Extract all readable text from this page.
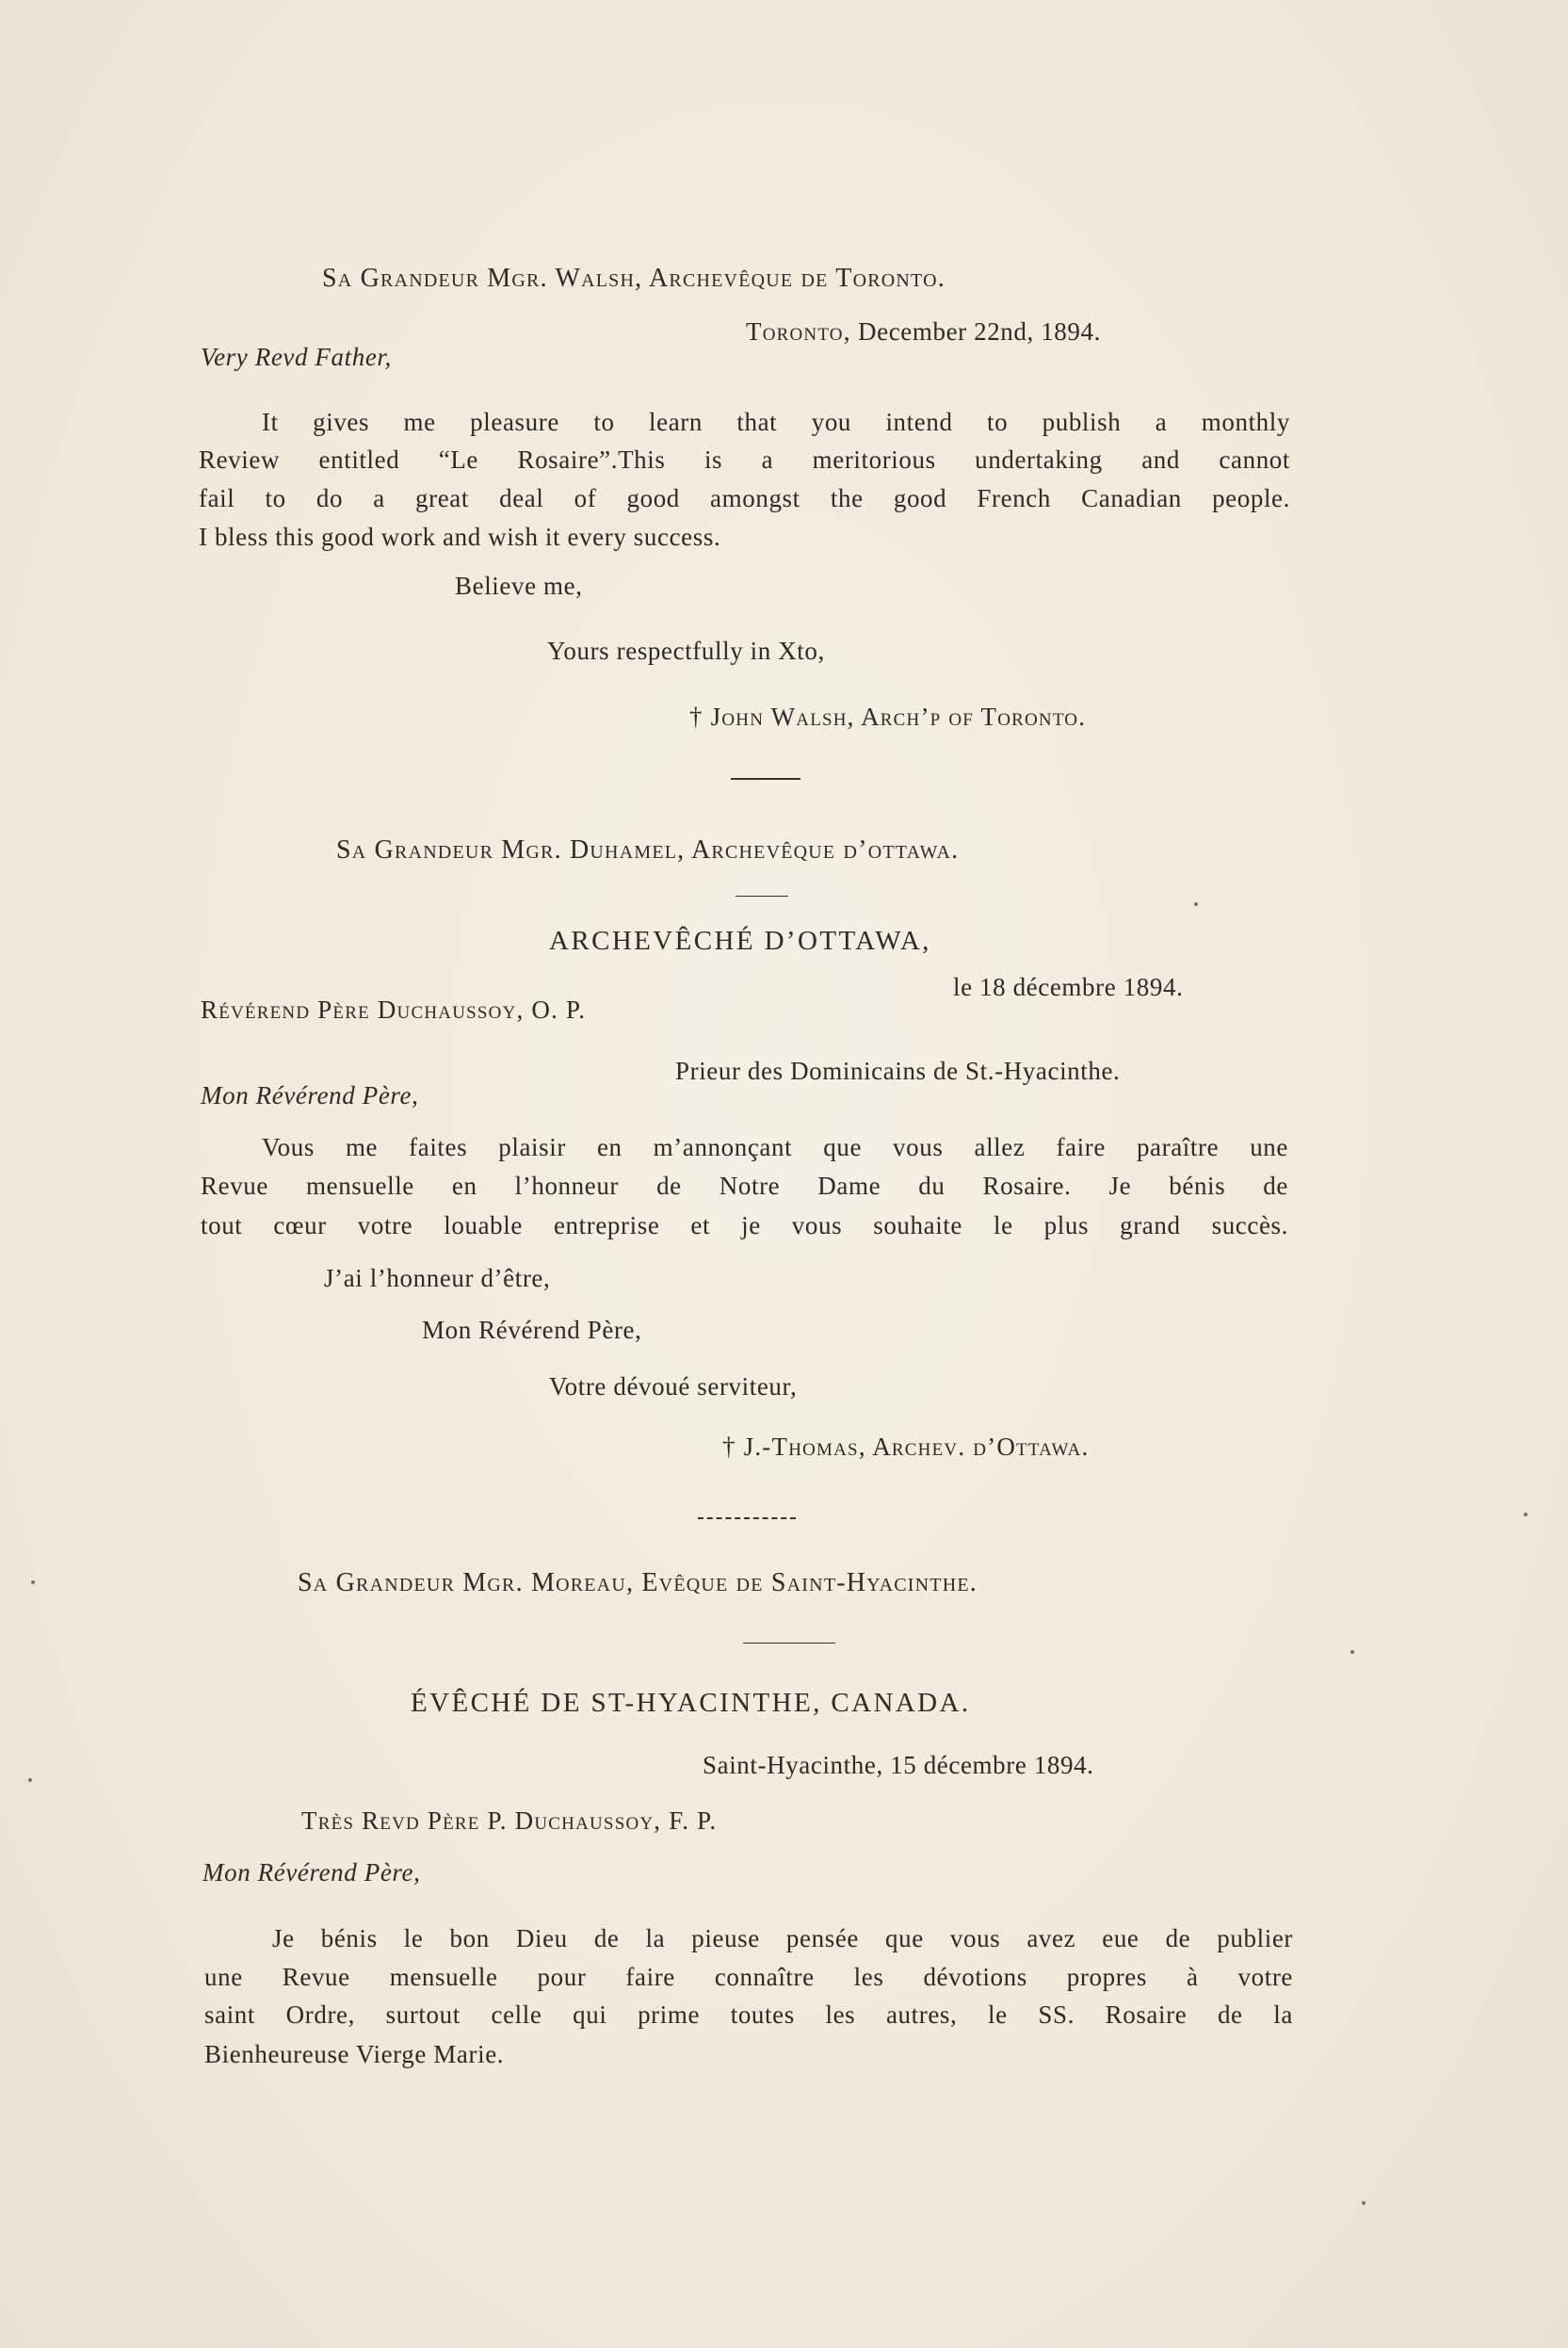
Sa Grandeur Mgr. Walsh, Archevêque de Toronto.
Toronto, December 22nd, 1894.
Very Revd Father,
It gives me pleasure to learn that you intend to publish a monthly
Review entitled “Le Rosaire”.This is a meritorious undertaking and cannot
fail to do a great deal of good amongst the good French Canadian people.
I bless this good work and wish it every success.
Believe me,
Yours respectfully in Xto,
† John Walsh, Arch’p of Toronto.
Sa Grandeur Mgr. Duhamel, Archevêque d’ottawa.
ARCHEVÊCHÉ D’OTTAWA,
le 18 décembre 1894.
Révérend Père Duchaussoy, O. P.
Prieur des Dominicains de St.-Hyacinthe.
Mon Révérend Père,
Vous me faites plaisir en m’annonçant que vous allez faire paraître une
Revue mensuelle en l’honneur de Notre Dame du Rosaire. Je bénis de
tout cœur votre louable entreprise et je vous souhaite le plus grand succès.
J’ai l’honneur d’être,
Mon Révérend Père,
Votre dévoué serviteur,
† J.-Thomas, Archev. d’Ottawa.
Sa Grandeur Mgr. Moreau, Evêque de Saint-Hyacinthe.
ÉVÊCHÉ DE ST-HYACINTHE, CANADA.
Saint-Hyacinthe, 15 décembre 1894.
Très Revd Père P. Duchaussoy, F. P.
Mon Révérend Père,
Je bénis le bon Dieu de la pieuse pensée que vous avez eue de publier
une Revue mensuelle pour faire connaître les dévotions propres à votre
saint Ordre, surtout celle qui prime toutes les autres, le SS. Rosaire de la
Bienheureuse Vierge Marie.
